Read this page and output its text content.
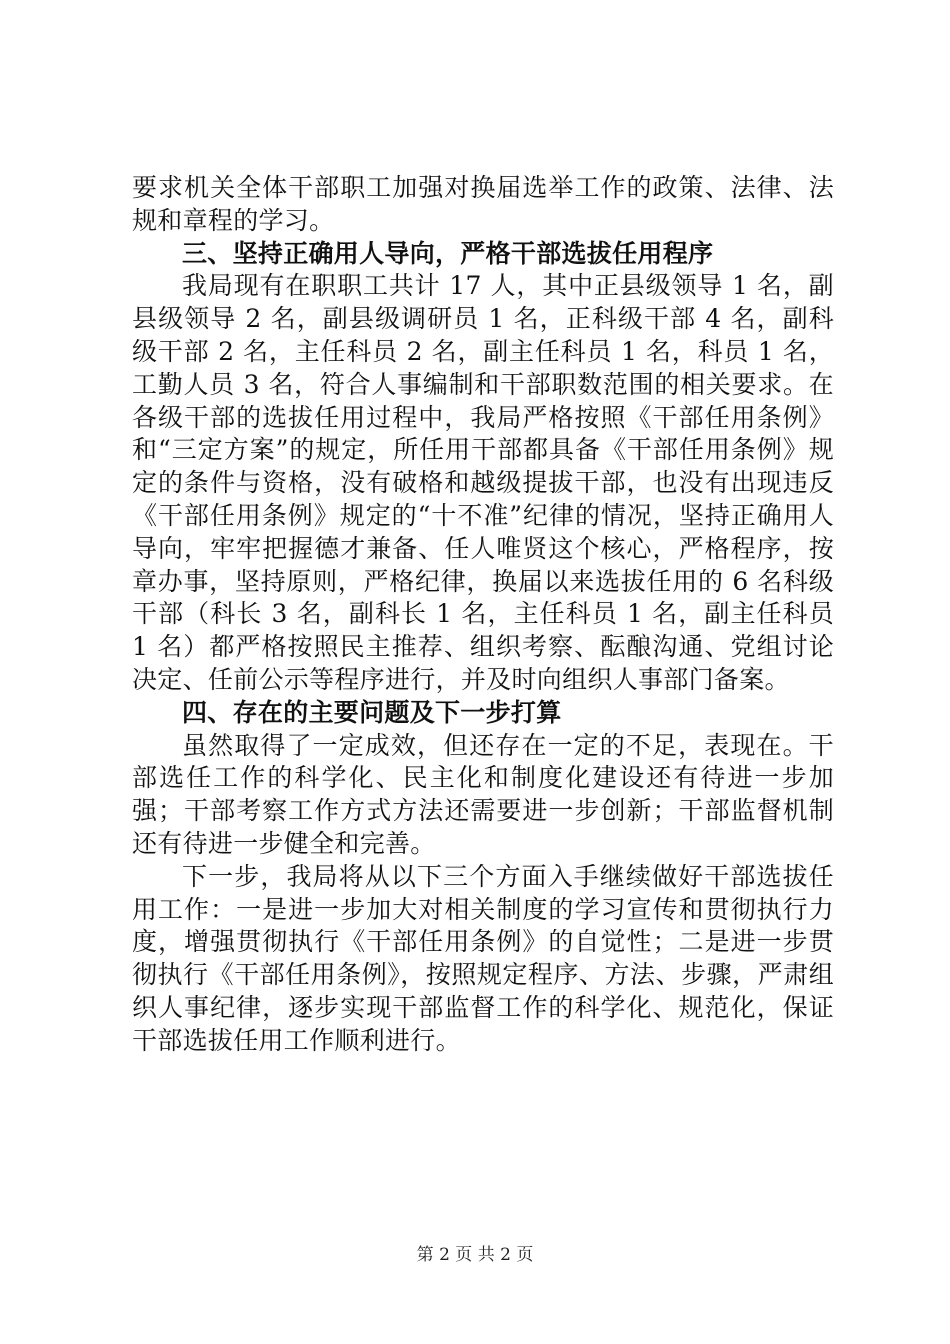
要求机关全体干部职工加强对换届选举工作的政策、法律、法规和章程的学习。

三、坚持正确用人导向，严格干部选拔任用程序

我局现有在职职工共计 17 人，其中正县级领导 1 名，副县级领导 2 名，副县级调研员 1 名，正科级干部 4 名，副科级干部 2 名，主任科员 2 名，副主任科员 1 名，科员 1 名，工勤人员 3 名，符合人事编制和干部职数范围的相关要求。在各级干部的选拔任用过程中，我局严格按照《干部任用条例》和“三定方案”的规定，所任用干部都具备《干部任用条例》规定的条件与资格，没有破格和越级提拔干部，也没有出现违反《干部任用条例》规定的“十不准”纪律的情况，坚持正确用人导向，牢牢把握德才兼备、任人唯贤这个核心，严格程序，按章办事，坚持原则，严格纪律，换届以来选拔任用的 6 名科级干部（科长 3 名，副科长 1 名，主任科员 1 名，副主任科员 1 名）都严格按照民主推荐、组织考察、酝酿沟通、党组讨论决定、任前公示等程序进行，并及时向组织人事部门备案。

四、存在的主要问题及下一步打算

虽然取得了一定成效，但还存在一定的不足，表现在。干部选任工作的科学化、民主化和制度化建设还有待进一步加强；干部考察工作方式方法还需要进一步创新；干部监督机制还有待进一步健全和完善。

下一步，我局将从以下三个方面入手继续做好干部选拔任用工作：一是进一步加大对相关制度的学习宣传和贯彻执行力度，增强贯彻执行《干部任用条例》的自觉性；二是进一步贯彻执行《干部任用条例》，按照规定程序、方法、步骤，严肃组织人事纪律，逐步实现干部监督工作的科学化、规范化，保证干部选拔任用工作顺利进行。

第 2 页 共 2 页
